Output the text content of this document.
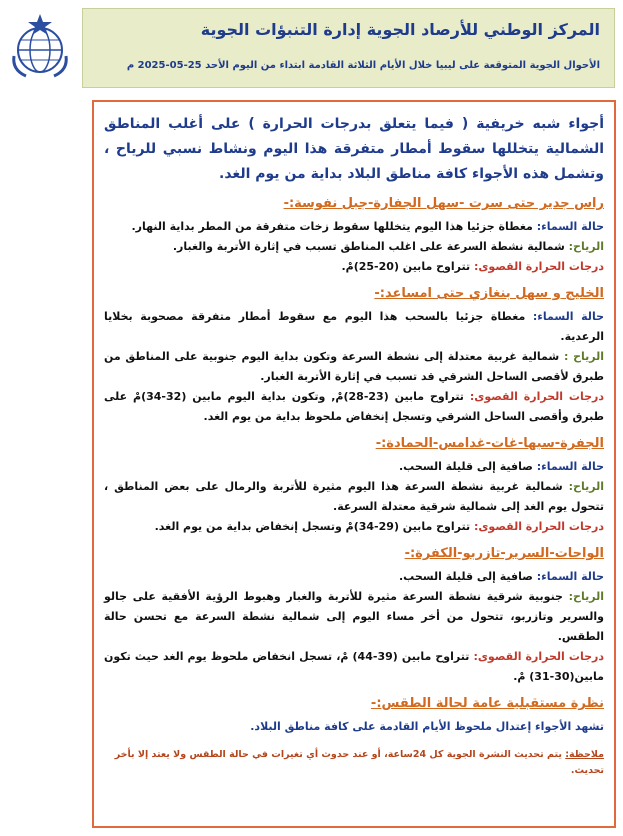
المركز الوطني للأرصاد الجوية إدارة التنبؤات الجوية
الأحوال الجوية المتوقعة على ليبيا خلال الأيام الثلاثة القادمة ابتداء من اليوم الأحد 25-05-2025 م
أجواء شبه خريفية ( فيما يتعلق بدرجات الحرارة ) على أغلب المناطق الشمالية يتخللها سقوط أمطار متفرقة هذا اليوم ونشاط نسبي للرياح ، وتشمل هذه الأجواء كافة مناطق البلاد بداية من يوم الغد.
راس جدير حتى سرت -سهل الجفارة-جبل نفوسة:-
حالة السماء: مغطاة جزئيا هذا اليوم يتخللها سقوط زخات متفرقة من المطر بداية النهار.
الرياح: شمالية نشطة السرعة على اغلب المناطق تسبب في إثارة الأتربة والغبار.
درجات الحرارة القصوى: تتراوح مابين (20-25)مْ.
الخليج و سهل بنغازي حتى امساعد:-
حالة السماء: مغطاة جزئيا بالسحب هذا اليوم مع سقوط أمطار متفرقة مصحوبة بخلايا الرعدية.
الرياح : شمالية غربية معتدلة إلى نشطة السرعة وتكون بداية اليوم جنوبية على المناطق من طبرق لأقصى الساحل الشرقي قد تسبب في إثارة الأتربة الغبار.
درجات الحرارة القصوى: تتراوح مابين (23-28)مْ, وتكون بداية اليوم مابين (32-34)مْ على طبرق وأقصى الساحل الشرقي وتسجل إنخفاض ملحوظ بداية من يوم الغد.
الجفرة-سبها-غات-غدامس-الحمادة:-
حالة السماء: صافية إلى قليلة السحب.
الرياح: شمالية غربية نشطة السرعة هذا اليوم مثيرة للأتربة والرمال على بعض المناطق ، تتحول يوم الغد إلى شمالية شرقية معتدلة السرعة.
درجات الحرارة القصوى: تتراوح مابين (29-34)مْ وتسجل إنخفاض بداية من يوم الغد.
الواحات-السرير-تازربو-الكفرة:-
حالة السماء: صافية إلى قليلة السحب.
الرياح: جنوبية شرقية نشطة السرعة مثيرة للأتربة والغبار وهبوط الرؤية الأفقية على جالو والسرير وتازربو، تتحول من أخر مساء اليوم إلى شمالية نشطة السرعة مع تحسن حالة الطقس.
درجات الحرارة القصوى: تتراوح مابين (39-44) مْ، تسجل انخفاض ملحوظ يوم الغد حيث تكون مابين(30-31) مْ.
نظرة مستقبلية عامة لحالة الطقس:-
تشهد الأجواء إعتدال ملحوظ الأيام القادمة على كافة مناطق البلاد.
ملاحظة: يتم تحديث النشرة الجوية كل 24ساعة، أو عند حدوث أي تغيرات في حالة الطقس ولا يعتد إلا بأخر تحديث.
